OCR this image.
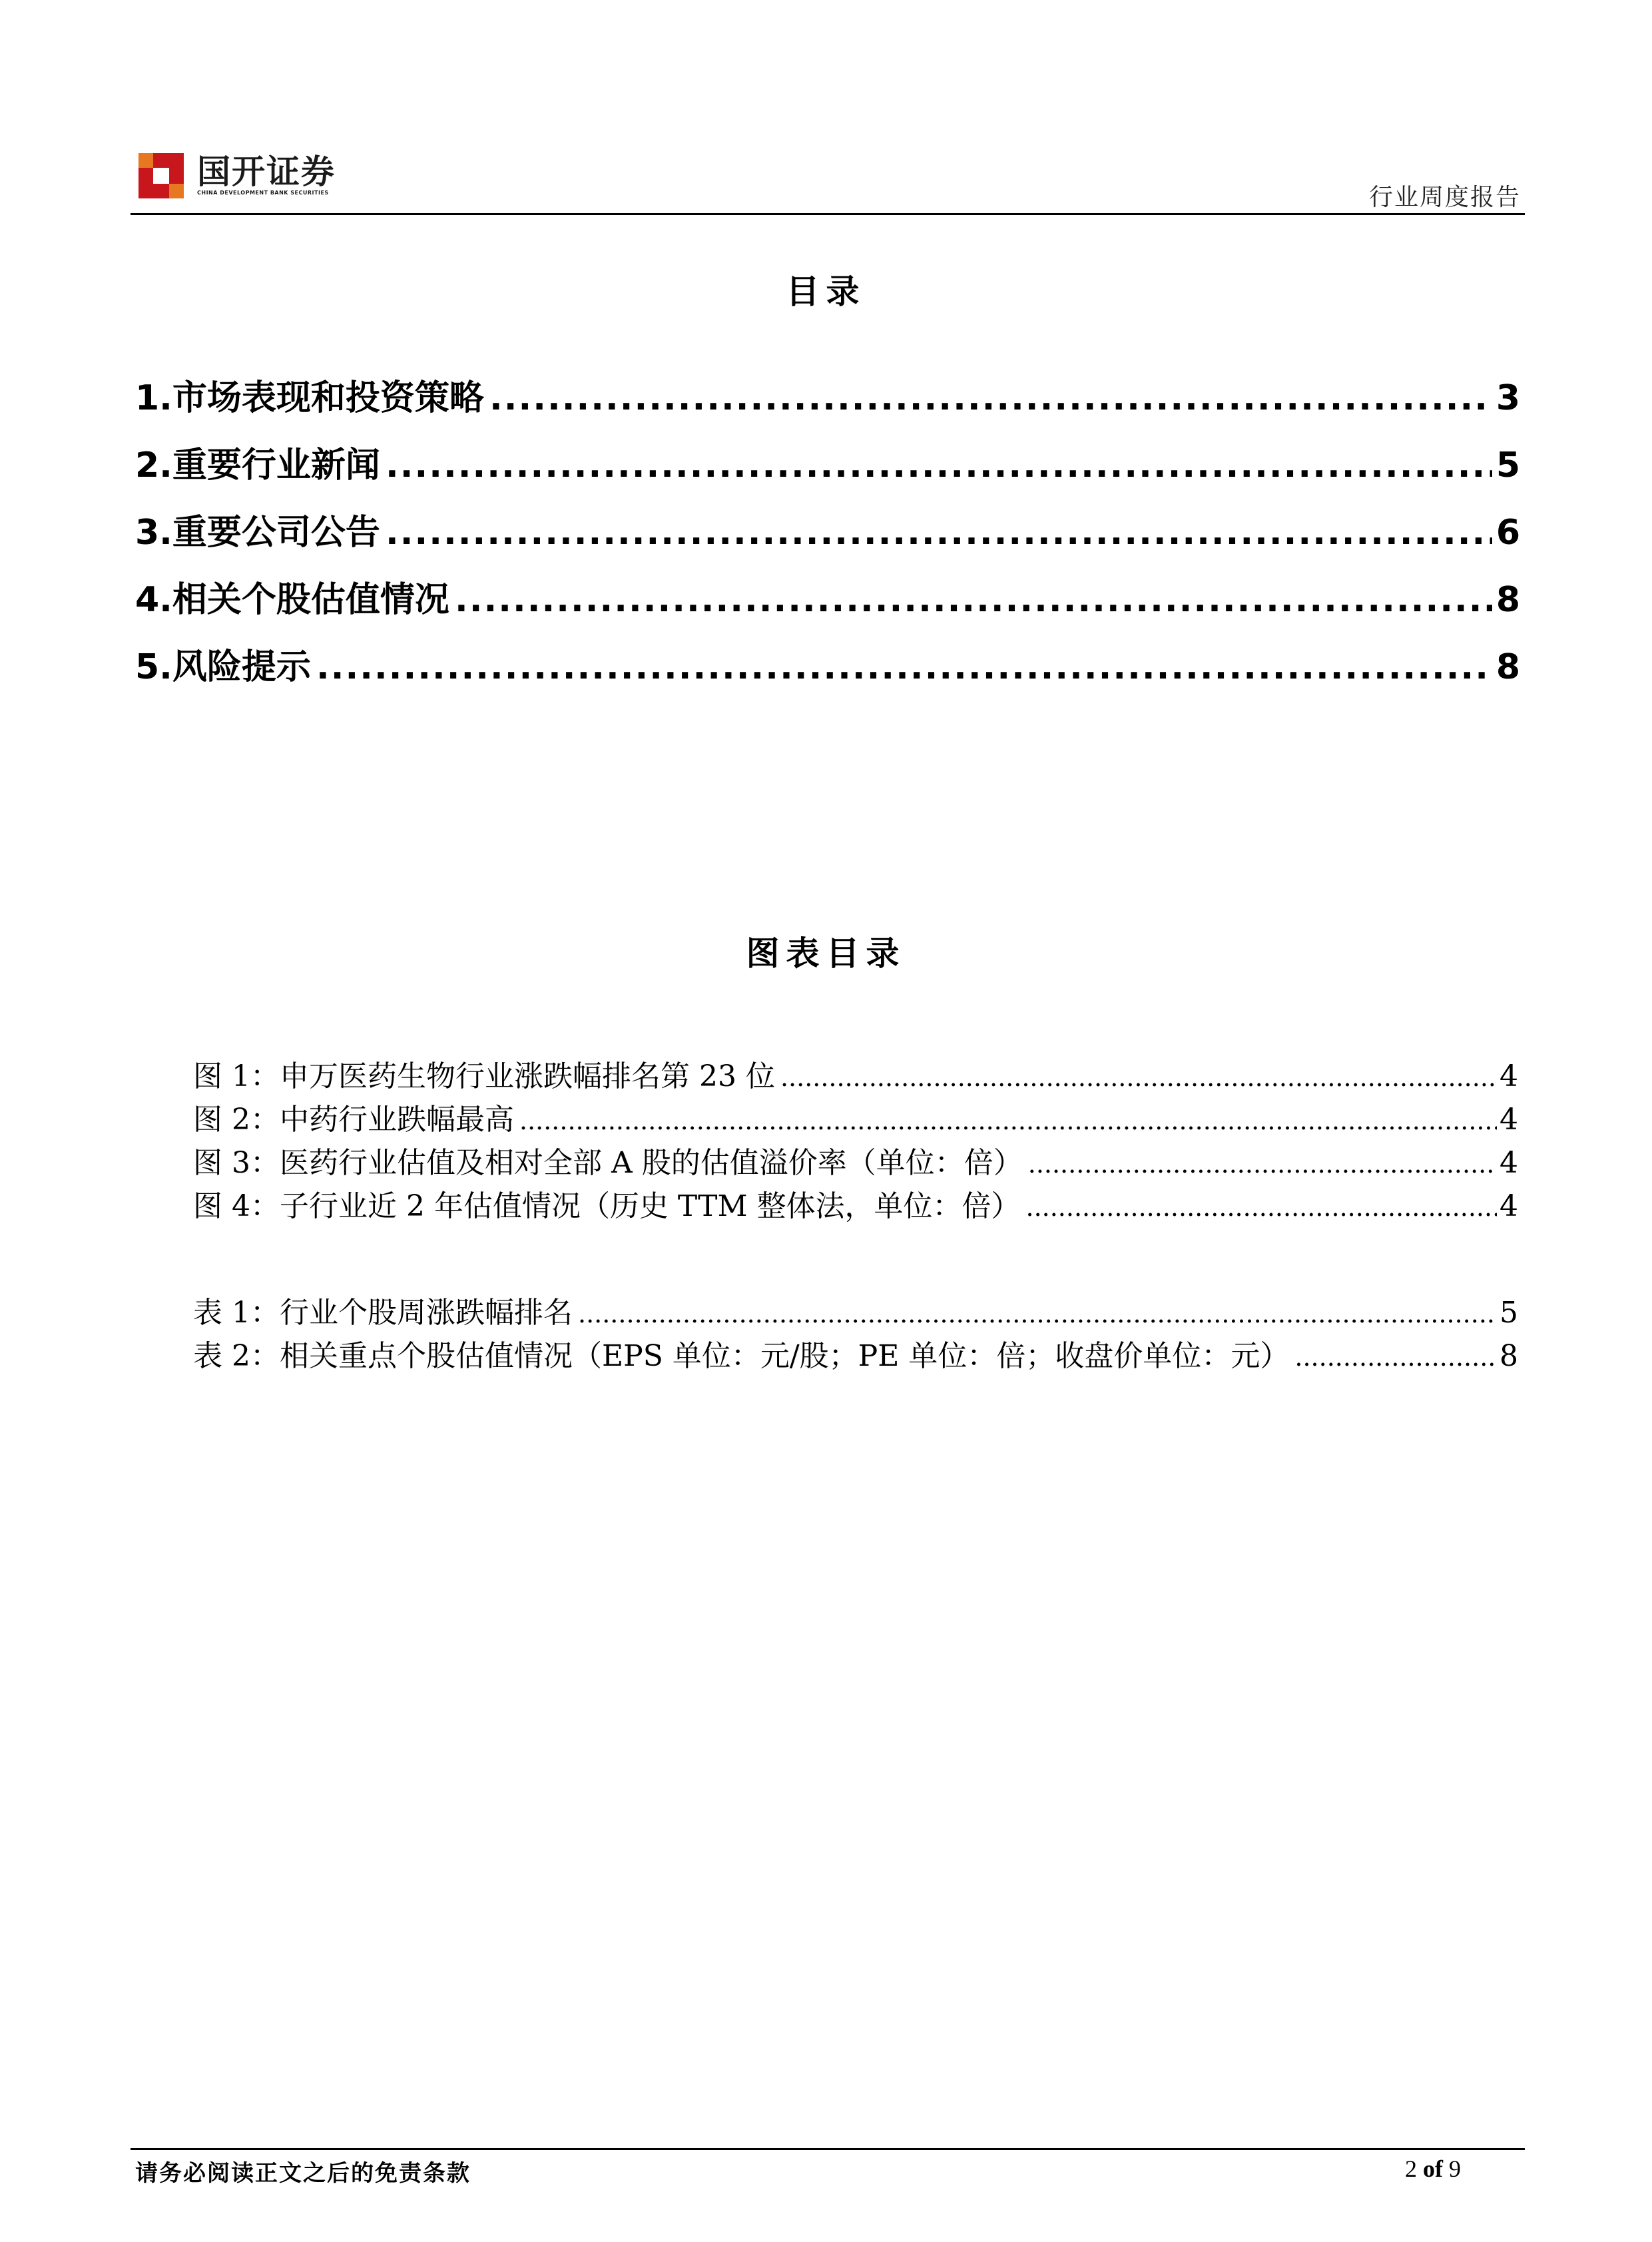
国开证券
CHINA DEVELOPMENT BANK SECURITIES	行业周度报告
目录
1.市场表现和投资策略 .....	3
2.重要行业新闻 .....	5
3.重要公司公告 .....	6
4.相关个股估值情况 .....	8
5.风险提示 .....	8
图表目录
图 1：申万医药生物行业涨跌幅排名第 23 位 .....	4
图 2：中药行业跌幅最高 .....	4
图 3：医药行业估值及相对全部 A 股的估值溢价率（单位：倍） .....	4
图 4：子行业近 2 年估值情况（历史 TTM 整体法，单位：倍） .....	4
表 1：行业个股周涨跌幅排名 .....	5
表 2：相关重点个股估值情况（EPS 单位：元/股；PE 单位：倍；收盘价单位：元） .....	8
请务必阅读正文之后的免责条款	2 of 9
